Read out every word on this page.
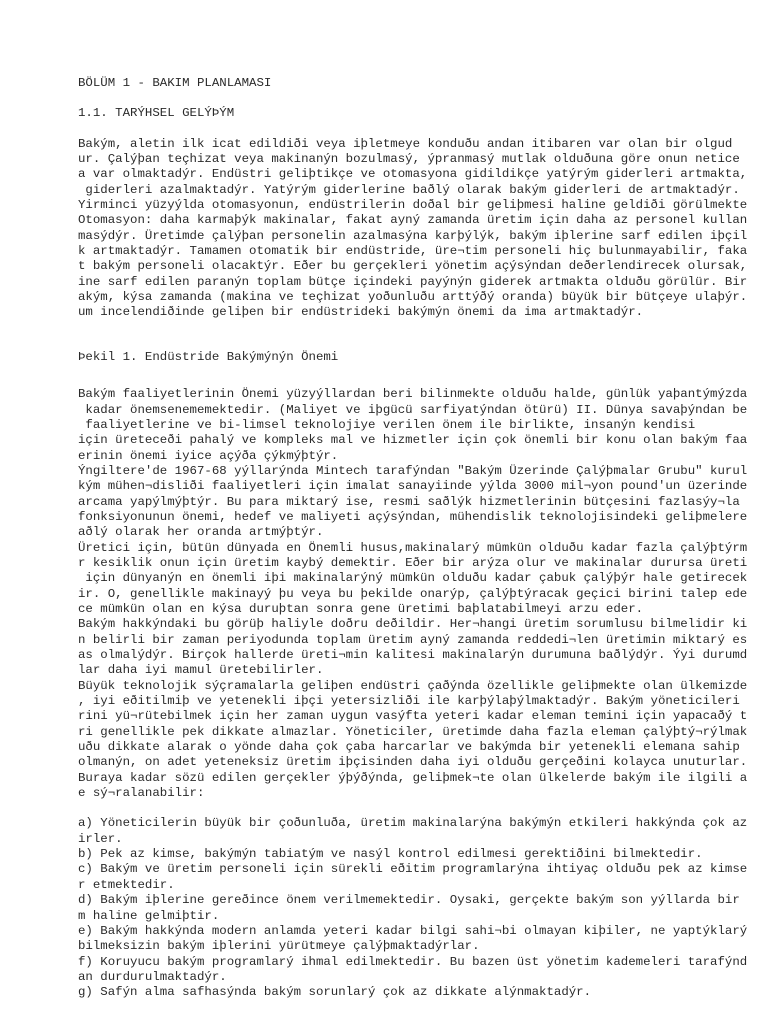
BÖLÜM 1 - BAKIM PLANLAMASI
1.1. TARÝHSEL GELÝÞÝM
Bakým, aletin ilk icat edildiði veya iþletmeye konduðu andan itibaren var olan bir olgud
ur. Çalýþan teçhizat veya makinanýn bozulmasý, ýpranmasý mutlak olduðuna göre onun netice
a var olmaktadýr. Endüstri geliþtikçe ve otomasyona gidildikçe yatýrým giderleri artmakta,
giderleri azalmaktadýr. Yatýrým giderlerine baðlý olarak bakým giderleri de artmaktadýr.
Yirminci yüzyýlda otomasyonun, endüstrilerin doðal bir geliþmesi haline geldiði görülmekte
Otomasyon: daha karmaþýk makinalar, fakat ayný zamanda üretim için daha az personel kullan
masýdýr. Üretimde çalýþan personelin azalmasýna karþýlýk, bakým iþlerine sarf edilen iþçil
k artmaktadýr. Tamamen otomatik bir endüstride, üre¬tim personeli hiç bulunmayabilir, faka
t bakým personeli olacaktýr. Eðer bu gerçekleri yönetim açýsýndan deðerlendirecek olursak,
ine sarf edilen paranýn toplam bütçe içindeki payýnýn giderek artmakta olduðu görülür. Bir
akým, kýsa zamanda (makina ve teçhizat yoðunluðu arttýðý oranda) büyük bir bütçeye ulaþýr.
um incelendiðinde geliþen bir endüstrideki bakýmýn önemi da ima artmaktadýr.
Þekil 1. Endüstride Bakýmýnýn Önemi
Bakým faaliyetlerinin Önemi yüzyýllardan beri bilinmekte olduðu halde, günlük yaþantýmýzda
kadar önemsenememektedir. (Maliyet ve iþgücü sarfiyatýndan ötürü) II. Dünya savaþýndan be
faaliyetlerine ve bi-limsel teknolojiye verilen önem ile birlikte, insanýn kendisi
için üreteceði pahalý ve kompleks mal ve hizmetler için çok önemli bir konu olan bakým faa
erinin önemi iyice açýða çýkmýþtýr.
Ýngiltere'de 1967-68 yýllarýnda Mintech tarafýndan "Bakým Üzerinde Çalýþmalar Grubu" kurul
kým mühen¬disliði faaliyetleri için imalat sanayiinde yýlda 3000 mil¬yon pound'un üzerinde
arcama yapýlmýþtýr. Bu para miktarý ise, resmi saðlýk hizmetlerinin bütçesini fazlasýy¬la
fonksiyonunun önemi, hedef ve maliyeti açýsýndan, mühendislik teknolojisindeki geliþmelere
aðlý olarak her oranda artmýþtýr.
Üretici için, bütün dünyada en Önemli husus,makinalarý mümkün olduðu kadar fazla çalýþtýrm
r kesiklik onun için üretim kaybý demektir. Eðer bir arýza olur ve makinalar durursa üreti
için dünyanýn en önemli iþi makinalarýný mümkün olduðu kadar çabuk çalýþýr hale getirecek
ir. O, genellikle makinayý þu veya bu þekilde onarýp, çalýþtýracak geçici birini talep ede
ce mümkün olan en kýsa duruþtan sonra gene üretimi baþlatabilmeyi arzu eder.
Bakým hakkýndaki bu görüþ haliyle doðru deðildir. Her¬hangi üretim sorumlusu bilmelidir ki
n belirli bir zaman periyodunda toplam üretim ayný zamanda reddedi¬len üretimin miktarý es
as olmalýdýr. Birçok hallerde üreti¬min kalitesi makinalarýn durumuna baðlýdýr. Ýyi durumd
lar daha iyi mamul üretebilirler.
Büyük teknolojik sýçramalarla geliþen endüstri çaðýnda özellikle geliþmekte olan ülkemizde
, iyi eðitilmiþ ve yetenekli iþçi yetersizliði ile karþýlaþýlmaktadýr. Bakým yöneticileri
rini yü¬rütebilmek için her zaman uygun vasýfta yeteri kadar eleman temini için yapacaðý t
ri genellikle pek dikkate almazlar. Yöneticiler, üretimde daha fazla eleman çalýþtý¬rýlmak
uðu dikkate alarak o yönde daha çok çaba harcarlar ve bakýmda bir yetenekli elemana sahip
olmanýn, on adet yeteneksiz üretim iþçisinden daha iyi olduðu gerçeðini kolayca unuturlar.
Buraya kadar sözü edilen gerçekler ýþýðýnda, geliþmek¬te olan ülkelerde bakým ile ilgili a
e sý¬ralanabilir:
a) Yöneticilerin büyük bir çoðunluða, üretim makinalarýna bakýmýn etkileri hakkýnda çok az
irler.
b) Pek az kimse, bakýmýn tabiatým ve nasýl kontrol edilmesi gerektiðini bilmektedir.
c) Bakým ve üretim personeli için sürekli eðitim programlarýna ihtiyaç olduðu pek az kimse
r etmektedir.
d) Bakým iþlerine gereðince önem verilmemektedir. Oysaki, gerçekte bakým son yýllarda bir
m haline gelmiþtir.
e) Bakým hakkýnda modern anlamda yeteri kadar bilgi sahi¬bi olmayan kiþiler, ne yaptýklarý
bilmeksizin bakým iþlerini yürütmeye çalýþmaktadýrlar.
f) Koruyucu bakým programlarý ihmal edilmektedir. Bu bazen üst yönetim kademeleri tarafýnd
an durdurulmaktadýr.
g) Safýn alma safhasýnda bakým sorunlarý çok az dikkate alýnmaktadýr.
